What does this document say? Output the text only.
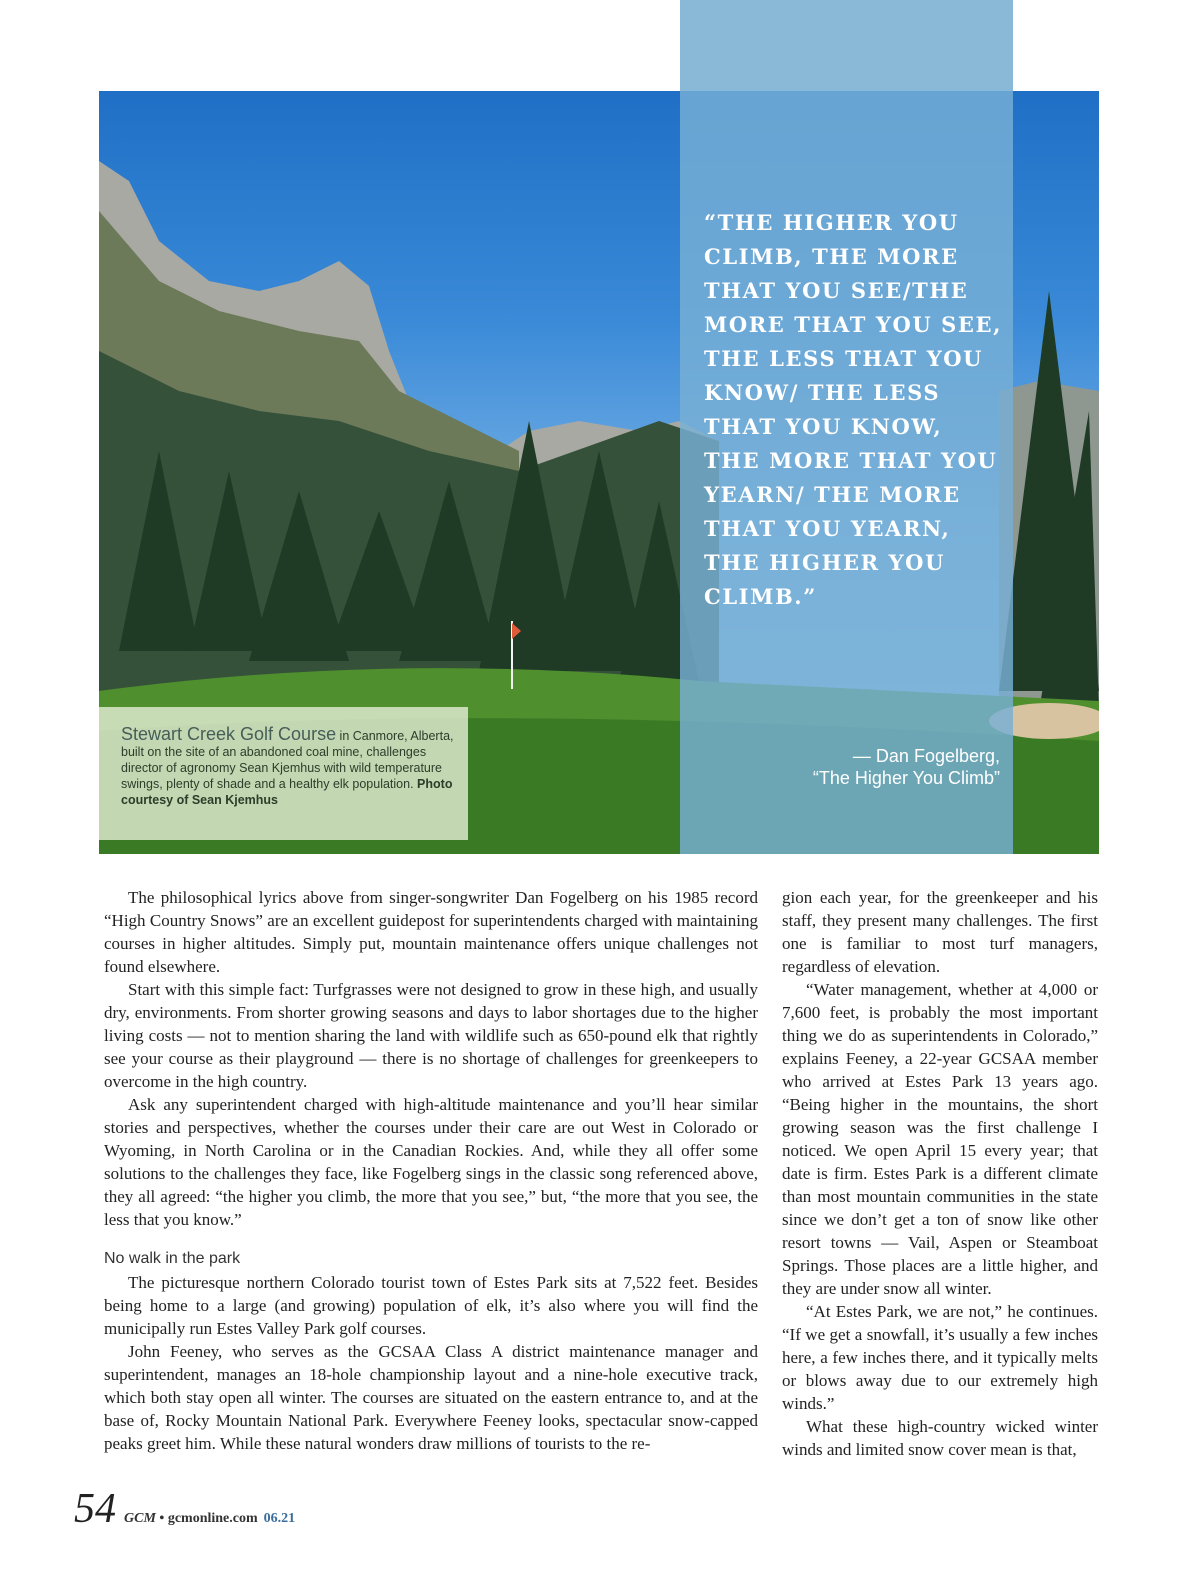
“THE HIGHER YOU CLIMB, THE MORE THAT YOU SEE/THE MORE THAT YOU SEE, THE LESS THAT YOU KNOW/ THE LESS THAT YOU KNOW, THE MORE THAT YOU YEARN/ THE MORE THAT YOU YEARN, THE HIGHER YOU CLIMB.”
— Dan Fogelberg,
“The Higher You Climb”
Stewart Creek Golf Course in Canmore, Alberta, built on the site of an abandoned coal mine, challenges director of agronomy Sean Kjemhus with wild temperature swings, plenty of shade and a healthy elk population. Photo courtesy of Sean Kjemhus

The philosophical lyrics above from singer-songwriter Dan Fogelberg on his 1985 record “High Country Snows” are an excellent guidepost for superintendents charged with maintaining courses in higher altitudes. Simply put, mountain maintenance offers unique challenges not found elsewhere.

Start with this simple fact: Turfgrasses were not designed to grow in these high, and usually dry, environments. From shorter growing seasons and days to labor shortages due to the higher living costs — not to mention sharing the land with wildlife such as 650-pound elk that rightly see your course as their playground — there is no shortage of challenges for greenkeepers to overcome in the high country.

Ask any superintendent charged with high-altitude maintenance and you’ll hear similar stories and perspectives, whether the courses under their care are out West in Colorado or Wyoming, in North Carolina or in the Canadian Rockies. And, while they all offer some solutions to the challenges they face, like Fogelberg sings in the classic song referenced above, they all agreed: “the higher you climb, the more that you see,” but, “the more that you see, the less that you know.”

No walk in the park

The picturesque northern Colorado tourist town of Estes Park sits at 7,522 feet. Besides being home to a large (and growing) population of elk, it’s also where you will find the municipally run Estes Valley Park golf courses.

John Feeney, who serves as the GCSAA Class A district maintenance manager and superintendent, manages an 18-hole championship layout and a nine-hole executive track, which both stay open all winter. The courses are situated on the eastern entrance to, and at the base of, Rocky Mountain National Park. Everywhere Feeney looks, spectacular snow-capped peaks greet him. While these natural wonders draw millions of tourists to the re-

gion each year, for the greenkeeper and his staff, they present many challenges. The first one is familiar to most turf managers, regardless of elevation.

“Water management, whether at 4,000 or 7,600 feet, is probably the most important thing we do as superintendents in Colorado,” explains Feeney, a 22-year GCSAA member who arrived at Estes Park 13 years ago. “Being higher in the mountains, the short growing season was the first challenge I noticed. We open April 15 every year; that date is firm. Estes Park is a different climate than most mountain communities in the state since we don’t get a ton of snow like other resort towns — Vail, Aspen or Steamboat Springs. Those places are a little higher, and they are under snow all winter.

“At Estes Park, we are not,” he continues. “If we get a snowfall, it’s usually a few inches here, a few inches there, and it typically melts or blows away due to our extremely high winds.”

What these high-country wicked winter winds and limited snow cover mean is that,

54 GCM • gcmonline.com 06.21
